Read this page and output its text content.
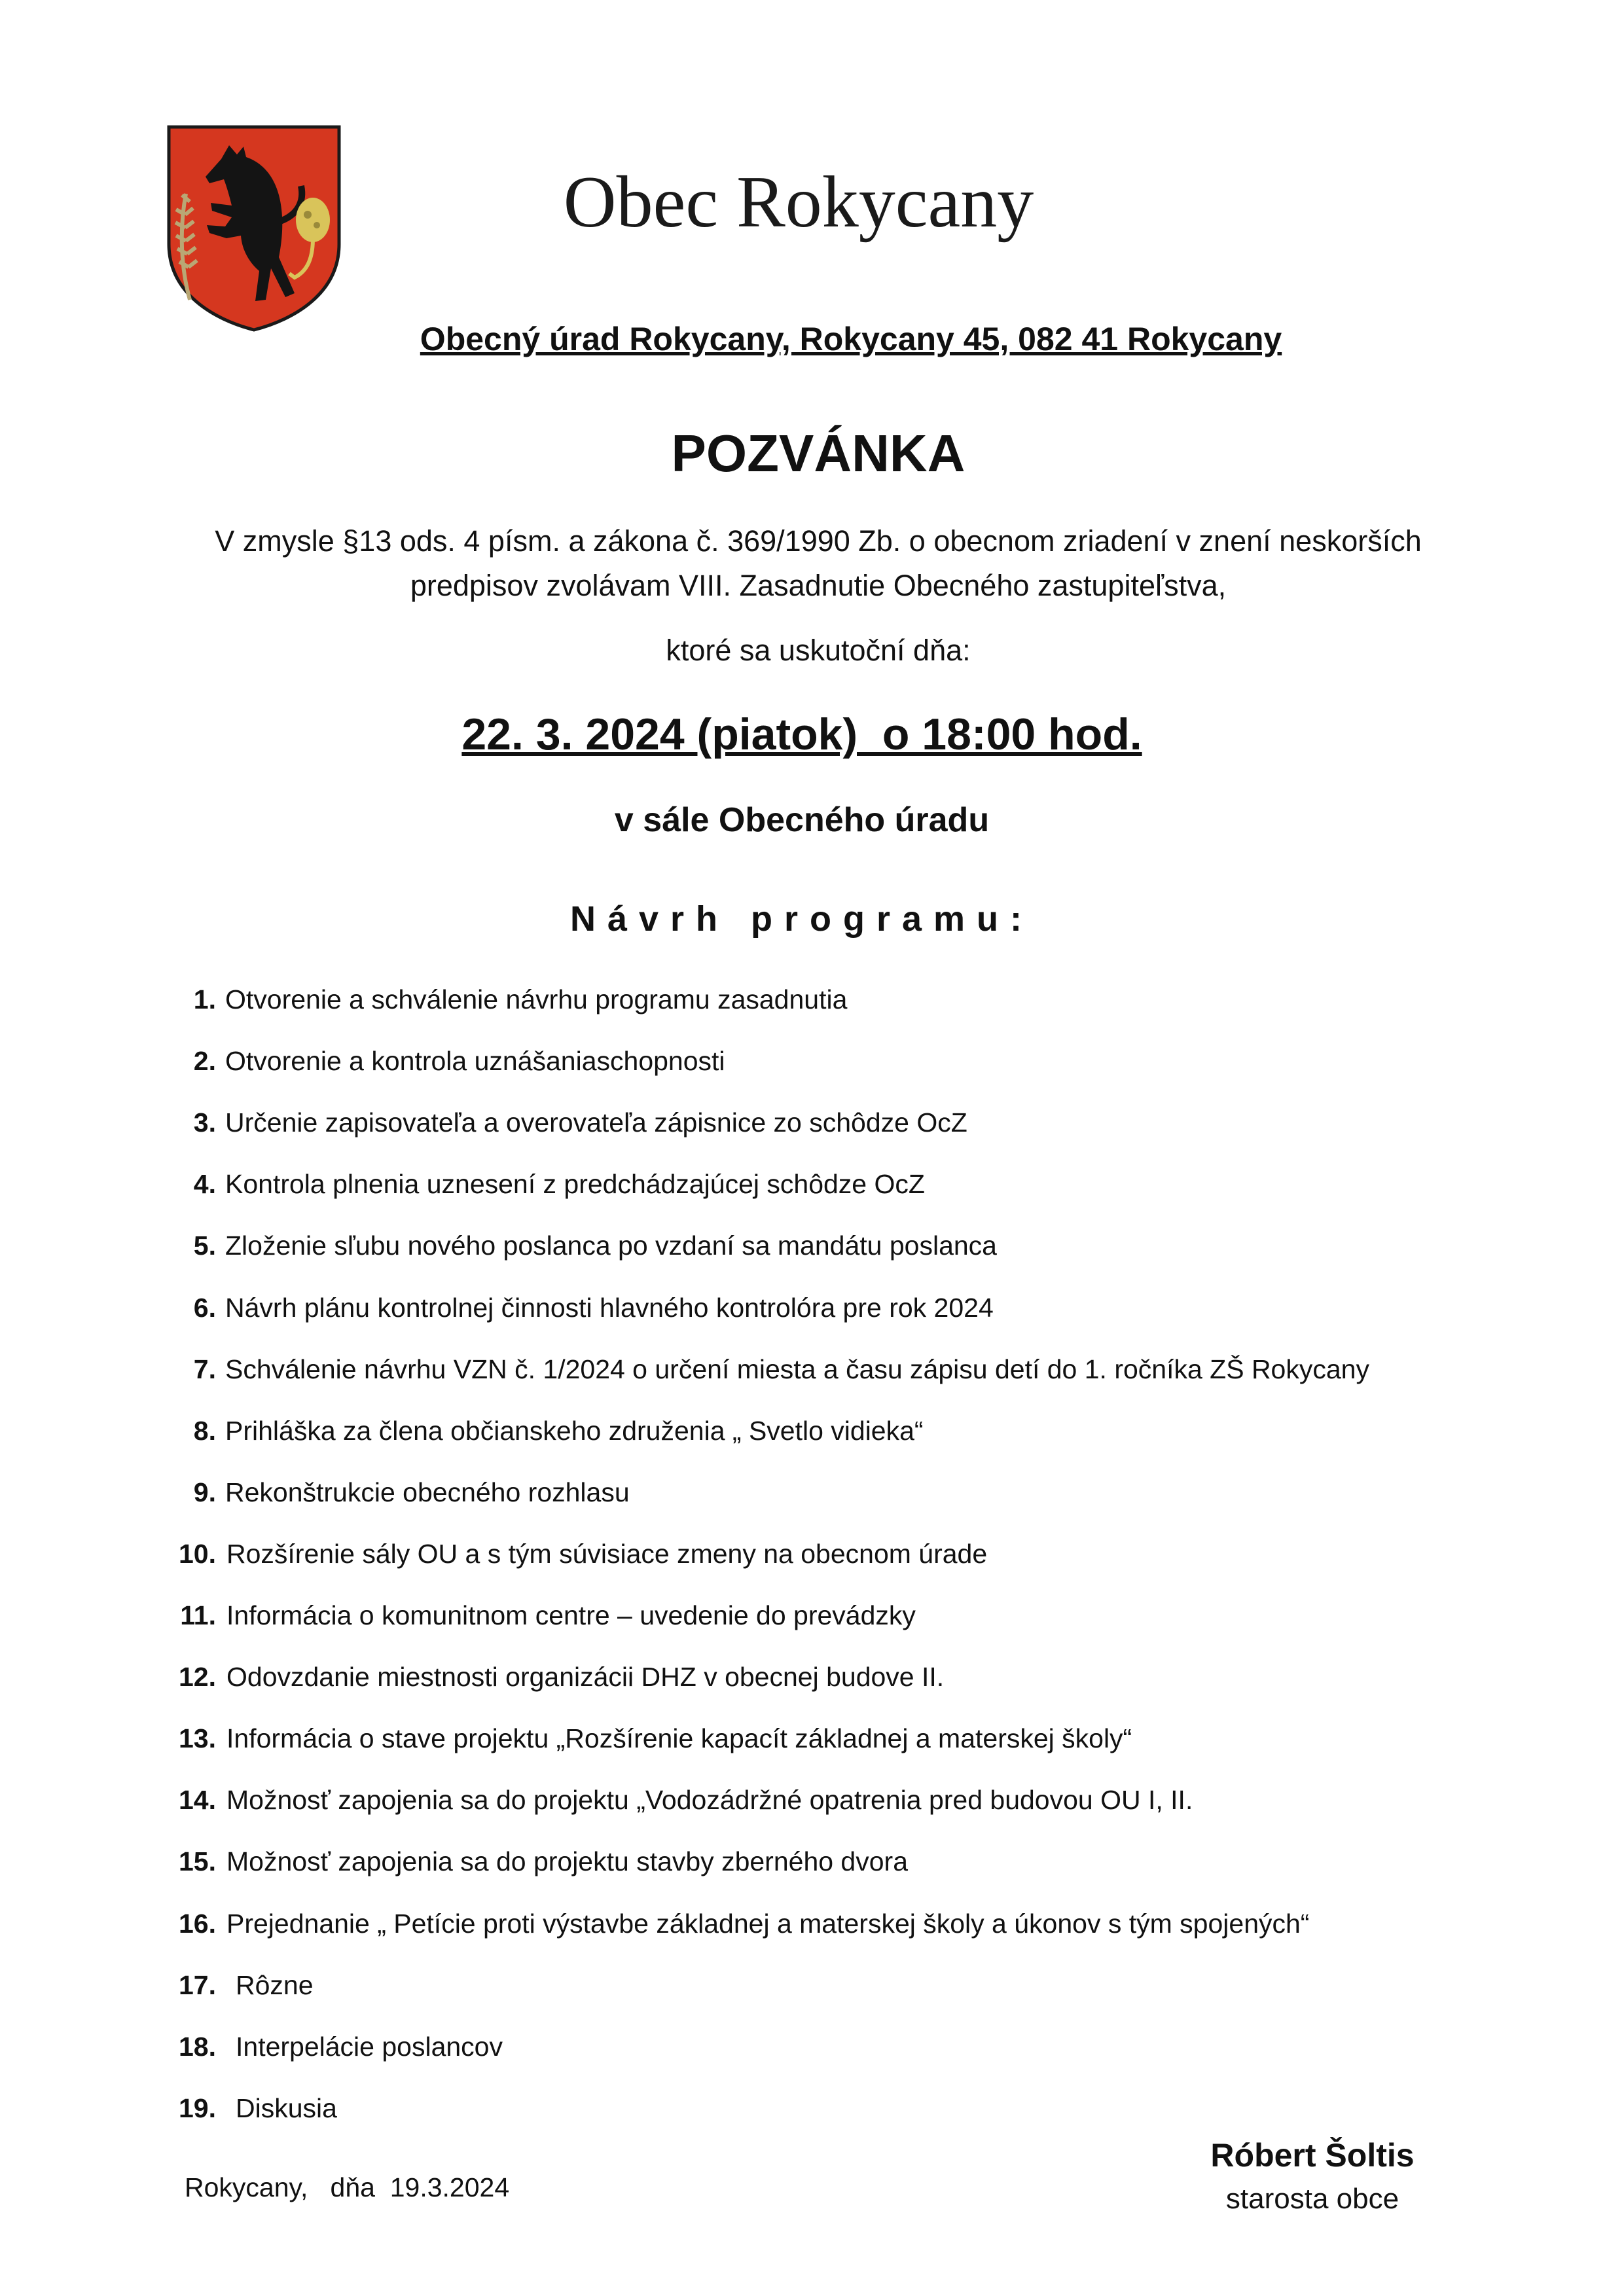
Obec Rokycany
Obecný úrad Rokycany, Rokycany 45, 082 41 Rokycany
POZVÁNKA
V zmysle §13 ods. 4 písm. a zákona č. 369/1990 Zb. o obecnom zriadení v znení neskorších
predpisov zvolávam VIII. Zasadnutie Obecného zastupiteľstva,
ktoré sa uskutoční dňa:
22. 3. 2024 (piatok)  o 18:00 hod.
v sále Obecného úradu
Návrh programu:
1. Otvorenie a schválenie návrhu programu zasadnutia
2. Otvorenie a kontrola uznášaniaschopnosti
3. Určenie zapisovateľa a overovateľa zápisnice zo schôdze OcZ
4. Kontrola plnenia uznesení z predchádzajúcej schôdze OcZ
5. Zloženie sľubu nového poslanca po vzdaní sa mandátu poslanca
6. Návrh plánu kontrolnej činnosti hlavného kontrolóra pre rok 2024
7. Schválenie návrhu VZN č. 1/2024 o určení miesta a času zápisu detí do 1. ročníka ZŠ Rokycany
8. Prihláška za člena občianskeho združenia „ Svetlo vidieka“
9. Rekonštrukcie obecného rozhlasu
10. Rozšírenie sály OU a s tým súvisiace zmeny na obecnom úrade
11. Informácia o komunitnom centre – uvedenie do prevádzky
12. Odovzdanie miestnosti organizácii DHZ v obecnej budove II.
13. Informácia o stave projektu „Rozšírenie kapacít základnej a materskej školy“
14. Možnosť zapojenia sa do projektu „Vodozádržné opatrenia pred budovou OU I, II.
15. Možnosť zapojenia sa do projektu stavby zberného dvora
16. Prejednanie „ Petície proti výstavbe základnej a materskej školy a úkonov s tým spojených“
17. Rôzne
18. Interpelácie poslancov
19. Diskusia
Rokycany,   dňa  19.3.2024
Róbert Šoltis
starosta obce
